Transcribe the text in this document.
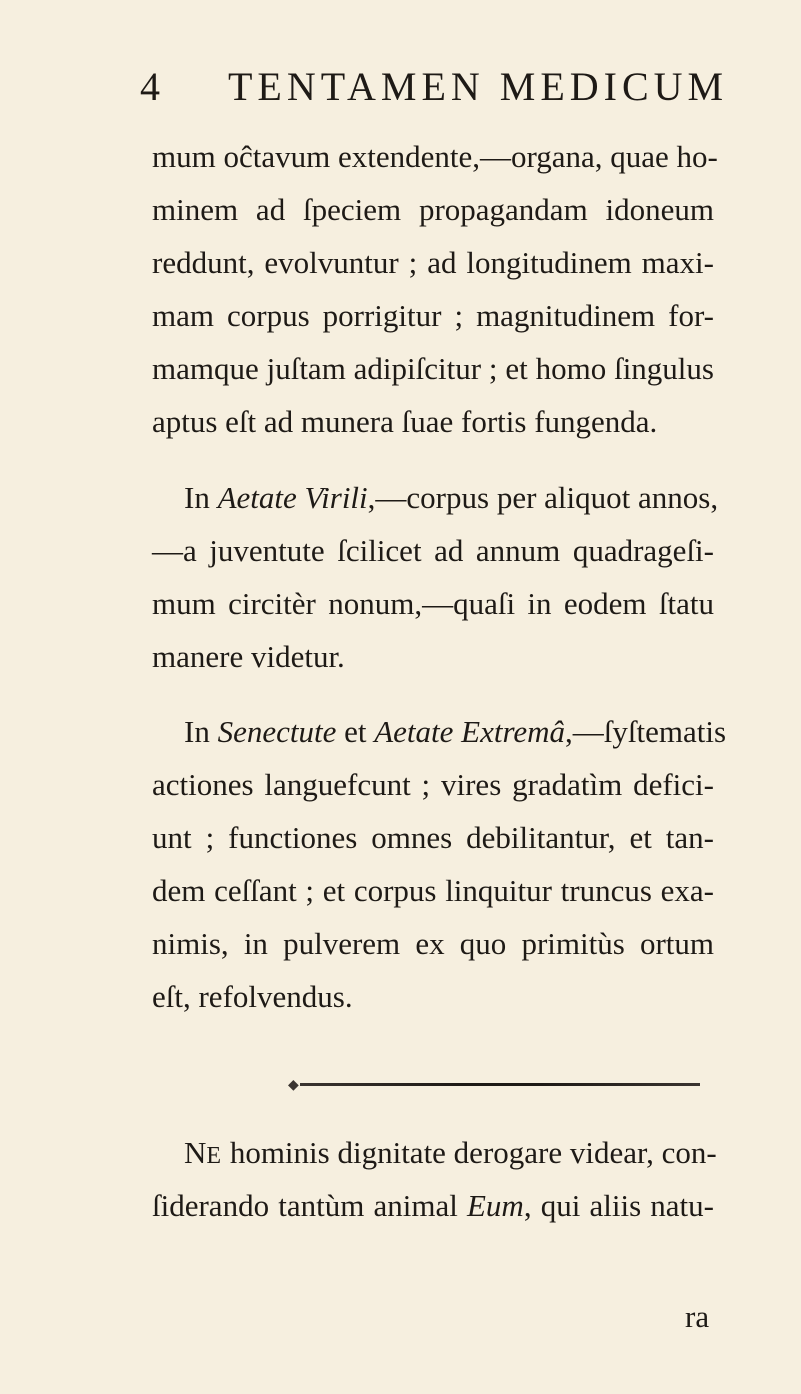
4 TENTAMEN MEDICUM
mum oĉtavum extendente,—organa, quae ho-
minem ad ſpeciem propagandam idoneum
reddunt, evolvuntur ; ad longitudinem maxi-
mam corpus porrigitur ; magnitudinem for-
mamque juſtam adipiſcitur ; et homo ſingulus
aptus eſt ad munera ſuae fortis fungenda.
In Aetate Virili,—corpus per aliquot annos,
—a juventute ſcilicet ad annum quadrageſi-
mum circitèr nonum,—quaſi in eodem ſtatu
manere videtur.
In Senectute et Aetate Extremâ,—ſyſtematis
actiones languefcunt ; vires gradatìm defici-
unt ; functiones omnes debilitantur, et tan-
dem ceſſant ; et corpus linquitur truncus exa-
nimis, in pulverem ex quo primitùs ortum
eſt, refolvendus.
◆
NE hominis dignitate derogare videar, con-
ſiderando tantùm animal Eum, qui aliis natu-
ra
